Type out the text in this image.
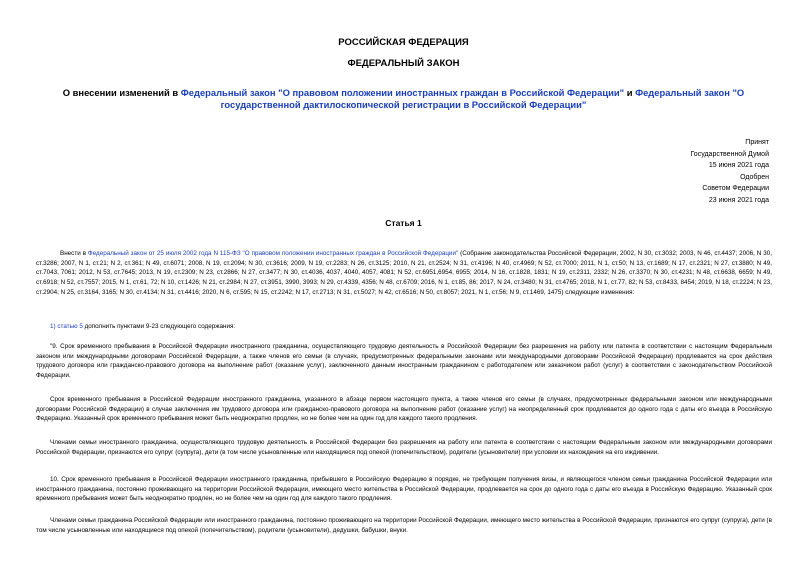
РОССИЙСКАЯ ФЕДЕРАЦИЯ
ФЕДЕРАЛЬНЫЙ ЗАКОН
О внесении изменений в Федеральный закон "О правовом положении иностранных граждан в Российской Федерации" и Федеральный закон "О государственной дактилоскопической регистрации в Российской Федерации"
Принят
Государственной Думой
15 июня 2021 года
Одобрен
Советом Федерации
23 июня 2021 года
Статья 1
Внести в Федеральный закон от 25 июля 2002 года N 115-ФЗ "О правовом положении иностранных граждан в Российской Федерации" (Собрание законодательства Российской Федерации, 2002, N 30, ст.3032; 2003, N 46, ст.4437; 2006, N 30, ст.3286; 2007, N 1, ст.21; N 2, ст.361; N 49, ст.6071; 2008, N 19, ст.2094; N 30, ст.3616; 2009, N 19, ст.2283; N 26, ст.3125; 2010, N 21, ст.2524; N 31, ст.4196; N 40, ст.4969; N 52, ст.7000; 2011, N 1, ст.50; N 13, ст.1689; N 17, ст.2321; N 27, ст.3880; N 49, ст.7043, 7061; 2012, N 53, ст.7645; 2013, N 19, ст.2309; N 23, ст.2866; N 27, ст.3477; N 30, ст.4036, 4037, 4040, 4057, 4081; N 52, ст.6951,6954, 6955; 2014, N 16, ст.1828, 1831; N 19, ст.2311, 2332; N 26, ст.3370; N 30, ст.4231; N 48, ст.6638, 6659; N 49, ст.6918; N 52, ст.7557; 2015, N 1, ст.61, 72; N 10, ст.1426; N 21, ст.2984; N 27, ст.3951, 3990, 3993; N 29, ст.4339, 4356; N 48, ст.6709; 2016, N 1, ст.85, 86; 2017, N 24, ст.3480; N 31, ст.4765; 2018, N 1, ст.77, 82; N 53, ст.8433, 8454; 2019, N 18, ст.2224; N 23, ст.2904; N 25, ст.3164, 3165; N 30, ст.4134; N 31, ст.4416; 2020, N 6, ст.595; N 15, ст.2242; N 17, ст.2713; N 31, ст.5027; N 42, ст.6516; N 50, ст.8057; 2021, N 1, ст.56; N 9, ст.1469, 1475) следующие изменения:
1) статью 5 дополнить пунктами 9-23 следующего содержания:
"9. Срок временного пребывания в Российской Федерации иностранного гражданина, осуществляющего трудовую деятельность в Российской Федерации без разрешения на работу или патента в соответствии с настоящим Федеральным законом или международными договорами Российской Федерации, а также членов его семьи (в случаях, предусмотренных федеральными законами или международными договорами Российской Федерации) продлевается на срок действия трудового договора или гражданско-правового договора на выполнение работ (оказание услуг), заключенного данным иностранным гражданином с работодателем или заказчиком работ (услуг) в соответствии с законодательством Российской Федерации.
Срок временного пребывания в Российской Федерации иностранного гражданина, указанного в абзаце первом настоящего пункта, а также членов его семьи (в случаях, предусмотренных федеральными законом или международными договорами Российской Федерации) в случае заключения им трудового договора или гражданско-правового договора на выполнение работ (оказание услуг) на неопределенный срок продлевается до одного года с даты его въезда в Российскую Федерацию. Указанный срок временного пребывания может быть неоднократно продлен, но не более чем на один год для каждого такого продления.
Членами семьи иностранного гражданина, осуществляющего трудовую деятельность в Российской Федерации без разрешения на работу или патента в соответствии с настоящим Федеральным законом или международными договорами Российской Федерации, признаются его супруг (супруга), дети (в том числе усыновленные или находящиеся под опекой (попечительством), родители (усыновители) при условии их нахождения на его иждивении.
10. Срок временного пребывания в Российской Федерации иностранного гражданина, прибывшего в Российскую Федерацию в порядке, не требующем получения визы, и являющегося членом семьи гражданина Российской Федерации или иностранного гражданина, постоянно проживающего на территории Российской Федерации, имеющего место жительства в Российской Федерации, продлевается на срок до одного года с даты его въезда в Российскую Федерацию. Указанный срок временного пребывания может быть неоднократно продлен, но не более чем на один год для каждого такого продления.
Членами семьи гражданина Российской Федерации или иностранного гражданина, постоянно проживающего на территории Российской Федерации, имеющего место жительства в Российской Федерации, признаются его супруг (супруга), дети (в том числе усыновленные или находящиеся под опекой (попечительством), родители (усыновители), дедушки, бабушки, внуки.
